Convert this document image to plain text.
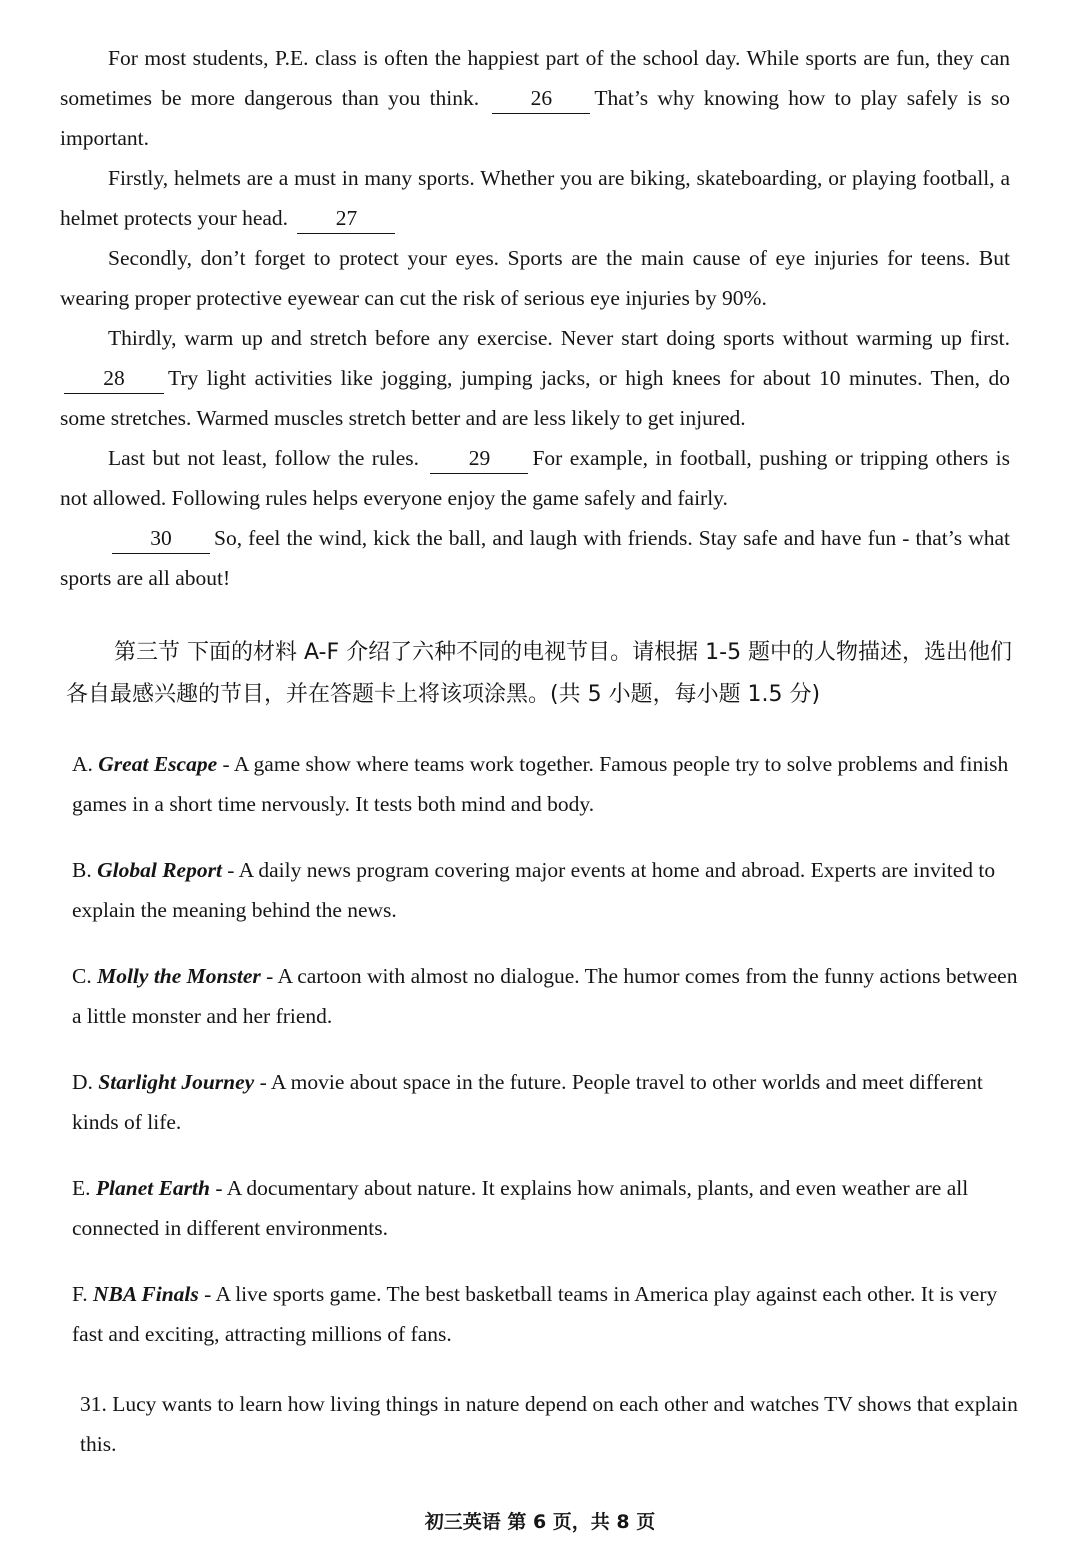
For most students, P.E. class is often the happiest part of the school day. While sports are fun, they can sometimes be more dangerous than you think. 26 That’s why knowing how to play safely is so important.

Firstly, helmets are a must in many sports. Whether you are biking, skateboarding, or playing football, a helmet protects your head. 27

Secondly, don’t forget to protect your eyes. Sports are the main cause of eye injuries for teens. But wearing proper protective eyewear can cut the risk of serious eye injuries by 90%.

Thirdly, warm up and stretch before any exercise. Never start doing sports without warming up first. 28 Try light activities like jogging, jumping jacks, or high knees for about 10 minutes. Then, do some stretches. Warmed muscles stretch better and are less likely to get injured.

Last but not least, follow the rules. 29 For example, in football, pushing or tripping others is not allowed. Following rules helps everyone enjoy the game safely and fairly.

30 So, feel the wind, kick the ball, and laugh with friends. Stay safe and have fun - that’s what sports are all about!

第三节 下面的材料 A-F 介绍了六种不同的电视节目。请根据 1-5 题中的人物描述，选出他们各自最感兴趣的节目，并在答题卡上将该项涂黑。(共 5 小题，每小题 1.5 分)

A. Great Escape - A game show where teams work together. Famous people try to solve problems and finish games in a short time nervously. It tests both mind and body.
B. Global Report - A daily news program covering major events at home and abroad. Experts are invited to explain the meaning behind the news.
C. Molly the Monster - A cartoon with almost no dialogue. The humor comes from the funny actions between a little monster and her friend.
D. Starlight Journey - A movie about space in the future. People travel to other worlds and meet different kinds of life.
E. Planet Earth - A documentary about nature. It explains how animals, plants, and even weather are all connected in different environments.
F. NBA Finals - A live sports game. The best basketball teams in America play against each other. It is very fast and exciting, attracting millions of fans.
31. Lucy wants to learn how living things in nature depend on each other and watches TV shows that explain this.
初三英语 第 6 页，共 8 页
